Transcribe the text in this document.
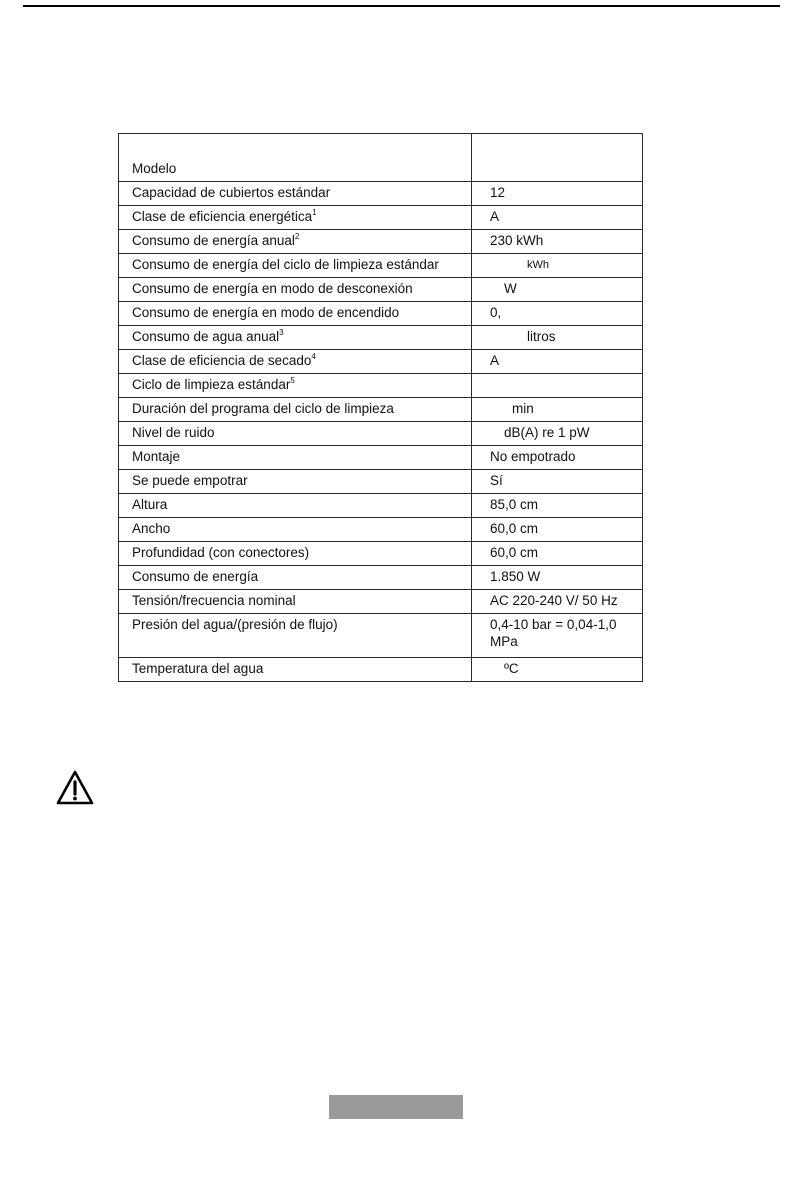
Modelo	
Capacidad de cubiertos estándar	12
Clase de eficiencia energética$^1$	A
Consumo de energía anual$^2$	230 kWh
Consumo de energía del ciclo de limpieza estándar	kWh
Consumo de energía en modo de desconexión	W
Consumo de energía en modo de encendido	0,
Consumo de agua anual$^3$	litros
Clase de eficiencia de secado$^4$	A
Ciclo de limpieza estándar$^5$	
Duración del programa del ciclo de limpieza	min
Nivel de ruido	dB(A) re 1 pW
Montaje	No empotrado
Se puede empotrar	Sí
Altura	85,0 cm
Ancho	60,0 cm
Profundidad (con conectores)	60,0 cm
Consumo de energía	1.850 W
Tensión/frecuencia nominal	AC 220-240 V/ 50 Hz
Presión del agua/(presión de flujo)	0,4-10 bar = 0,04-1,0 MPa
Temperatura del agua	ºC
